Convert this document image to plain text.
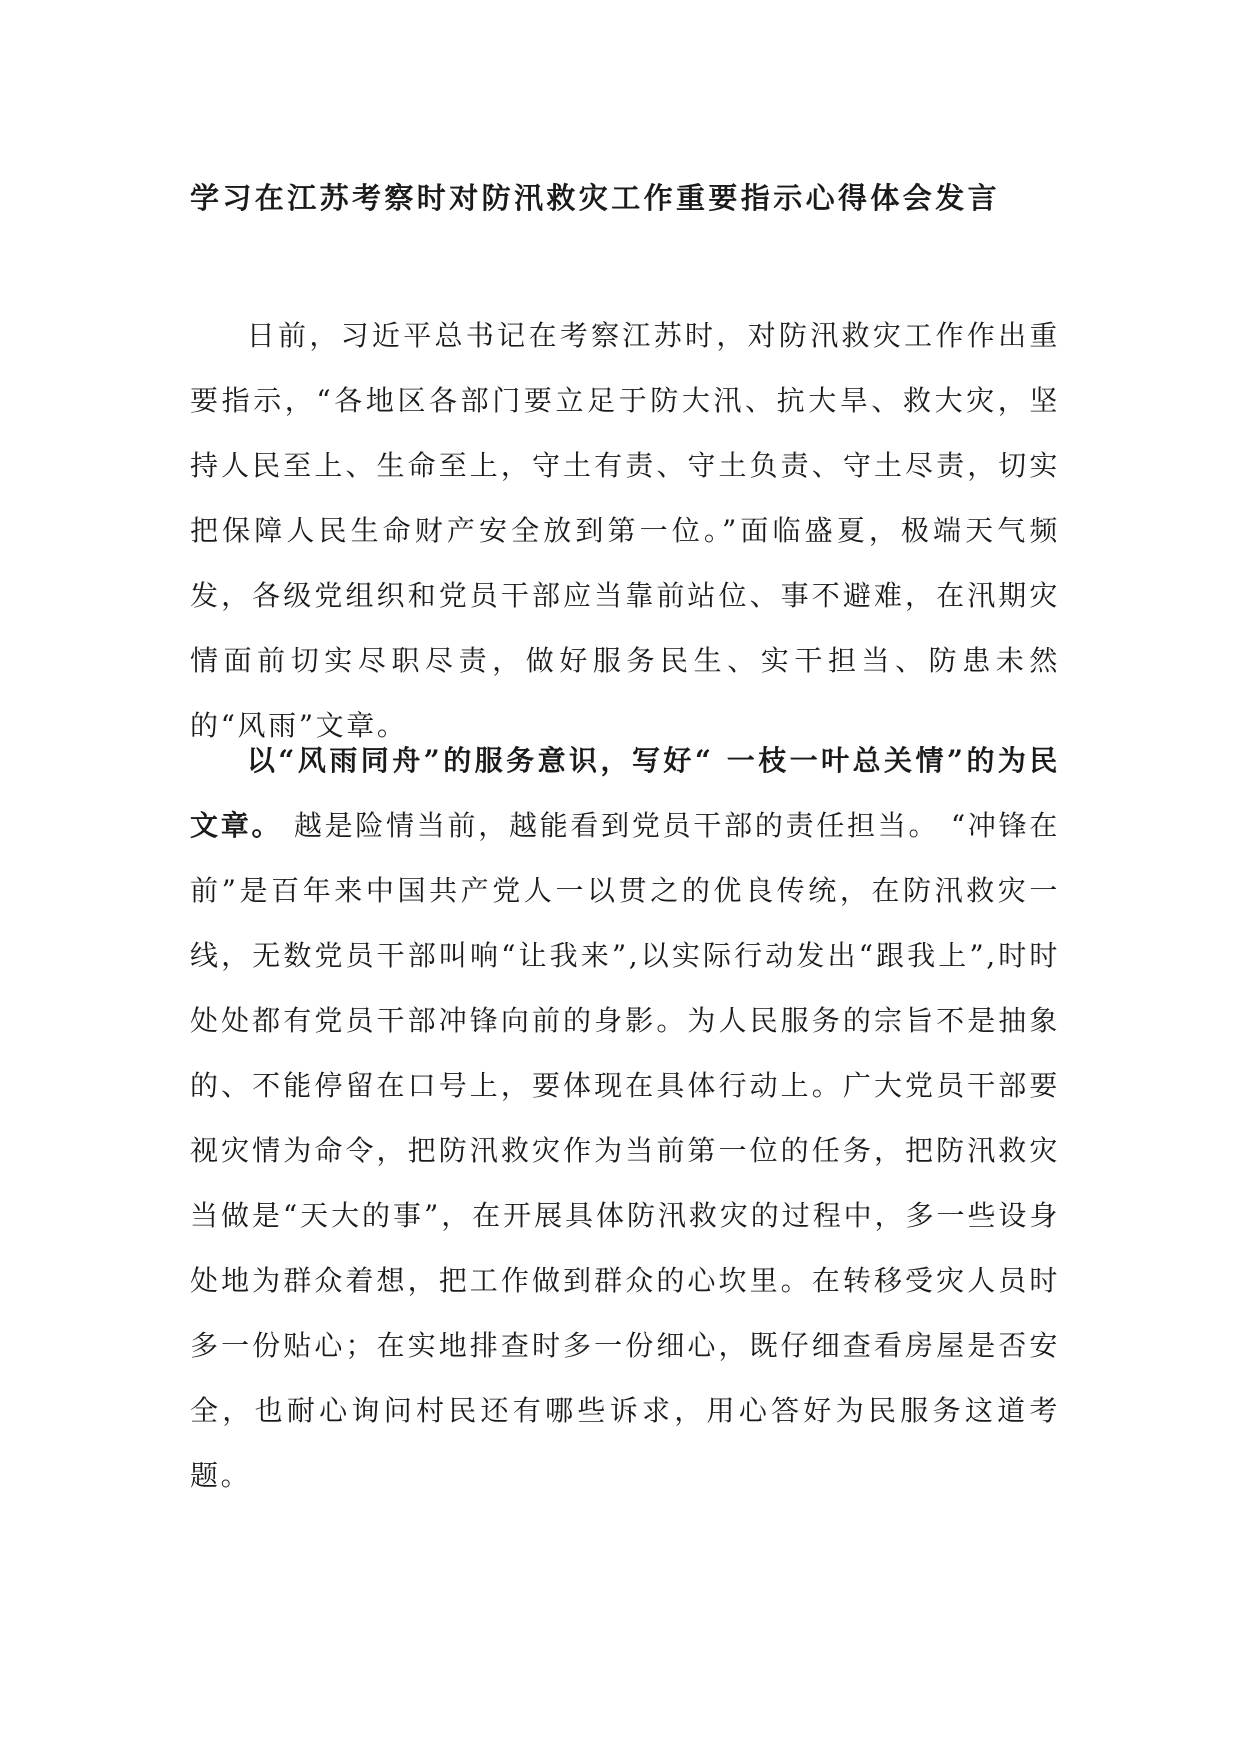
学习在江苏考察时对防汛救灾工作重要指示心得体会发言

日前，习近平总书记在考察江苏时，对防汛救灾工作作出重要指示，“各地区各部门要立足于防大汛、抗大旱、救大灾，坚持人民至上、生命至上，守土有责、守土负责、守土尽责，切实把保障人民生命财产安全放到第一位。”面临盛夏，极端天气频发，各级党组织和党员干部应当靠前站位、事不避难，在汛期灾情面前切实尽职尽责，做好服务民生、实干担当、防患未然的“风雨”文章。

以“风雨同舟”的服务意识，写好“ 一枝一叶总关情”的为民文章。 越是险情当前，越能看到党员干部的责任担当。 “冲锋在前”是百年来中国共产党人一以贯之的优良传统，在防汛救灾一线，无数党员干部叫响“让我来”,以实际行动发出“跟我上”,时时处处都有党员干部冲锋向前的身影。为人民服务的宗旨不是抽象的、不能停留在口号上，要体现在具体行动上。广大党员干部要视灾情为命令，把防汛救灾作为当前第一位的任务，把防汛救灾当做是“天大的事”，在开展具体防汛救灾的过程中，多一些设身处地为群众着想，把工作做到群众的心坎里。在转移受灾人员时多一份贴心；在实地排查时多一份细心，既仔细查看房屋是否安全，也耐心询问村民还有哪些诉求，用心答好为民服务这道考题。
